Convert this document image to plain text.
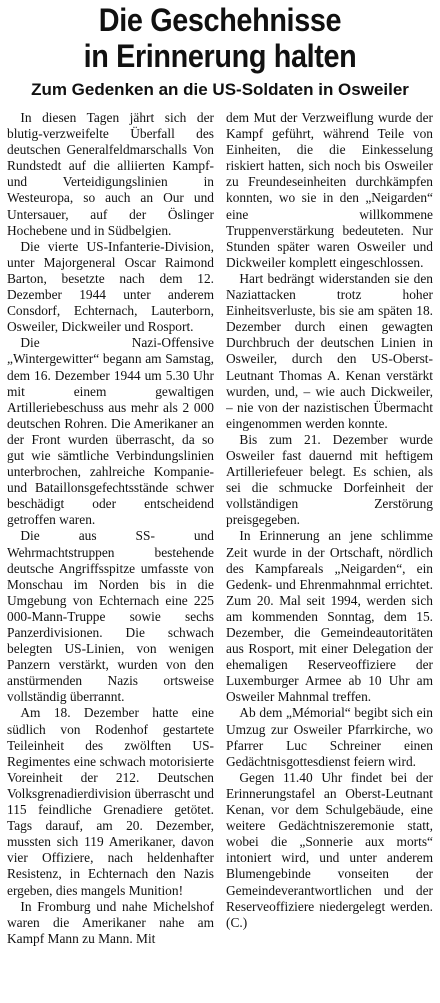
Die Geschehnisse
in Erinnerung halten
Zum Gedenken an die US-Soldaten in Osweiler

In diesen Tagen jährt sich der blutig-verzweifelte Überfall des deutschen Generalfeldmarschalls Von Rundstedt auf die alliierten Kampf- und Verteidigungslinien in Westeuropa, so auch an Our und Untersauer, auf der Öslinger Hochebene und in Südbelgien.

Die vierte US-Infanterie-Division, unter Majorgeneral Oscar Raimond Barton, besetzte nach dem 12. Dezember 1944 unter anderem Consdorf, Echternach, Lauterborn, Osweiler, Dickweiler und Rosport.

Die Nazi-Offensive „Wintergewitter“ begann am Samstag, dem 16. Dezember 1944 um 5.30 Uhr mit einem gewaltigen Artilleriebeschuss aus mehr als 2 000 deutschen Rohren. Die Amerikaner an der Front wurden überrascht, da so gut wie sämtliche Verbindungslinien unterbrochen, zahlreiche Kompanie- und Bataillonsgefechtsstände schwer beschädigt oder entscheidend getroffen waren.

Die aus SS- und Wehrmachtstruppen bestehende deutsche Angriffsspitze umfasste von Monschau im Norden bis in die Umgebung von Echternach eine 225 000-Mann-Truppe sowie sechs Panzerdivisionen. Die schwach belegten US-Linien, von wenigen Panzern verstärkt, wurden von den anstürmenden Nazis ortsweise vollständig überrannt.

Am 18. Dezember hatte eine südlich von Rodenhof gestartete Teileinheit des zwölften US-Regimentes eine schwach motorisierte Voreinheit der 212. Deutschen Volksgrenadierdivision überrascht und 115 feindliche Grenadiere getötet. Tags darauf, am 20. Dezember, mussten sich 119 Amerikaner, davon vier Offiziere, nach heldenhafter Resistenz, in Echternach den Nazis ergeben, dies mangels Munition!

In Fromburg und nahe Michelshof waren die Amerikaner nahe am Kampf Mann zu Mann. Mit

dem Mut der Verzweiflung wurde der Kampf geführt, während Teile von Einheiten, die die Einkesselung riskiert hatten, sich noch bis Osweiler zu Freundeseinheiten durchkämpfen konnten, wo sie in den „Neigarden“ eine willkommene Truppenverstärkung bedeuteten. Nur Stunden später waren Osweiler und Dickweiler komplett eingeschlossen.

Hart bedrängt widerstanden sie den Naziattacken trotz hoher Einheitsverluste, bis sie am späten 18. Dezember durch einen gewagten Durchbruch der deutschen Linien in Osweiler, durch den US-Oberst-Leutnant Thomas A. Kenan verstärkt wurden, und, – wie auch Dickweiler, – nie von der nazistischen Übermacht eingenommen werden konnte.

Bis zum 21. Dezember wurde Osweiler fast dauernd mit heftigem Artilleriefeuer belegt. Es schien, als sei die schmucke Dorfeinheit der vollständigen Zerstörung preisgegeben.

In Erinnerung an jene schlimme Zeit wurde in der Ortschaft, nördlich des Kampfareals „Neigarden“, ein Gedenk- und Ehrenmahnmal errichtet. Zum 20. Mal seit 1994, werden sich am kommenden Sonntag, dem 15. Dezember, die Gemeindeautoritäten aus Rosport, mit einer Delegation der ehemaligen Reserveoffiziere der Luxemburger Armee ab 10 Uhr am Osweiler Mahnmal treffen.

Ab dem „Mémorial“ begibt sich ein Umzug zur Osweiler Pfarrkirche, wo Pfarrer Luc Schreiner einen Gedächtnisgottesdienst feiern wird.

Gegen 11.40 Uhr findet bei der Erinnerungstafel an Oberst-Leutnant Kenan, vor dem Schulgebäude, eine weitere Gedächtniszeremonie statt, wobei die „Sonnerie aux morts“ intoniert wird, und unter anderem Blumengebinde vonseiten der Gemeindeverantwortlichen und der Reserveoffiziere niedergelegt werden. (C.)
